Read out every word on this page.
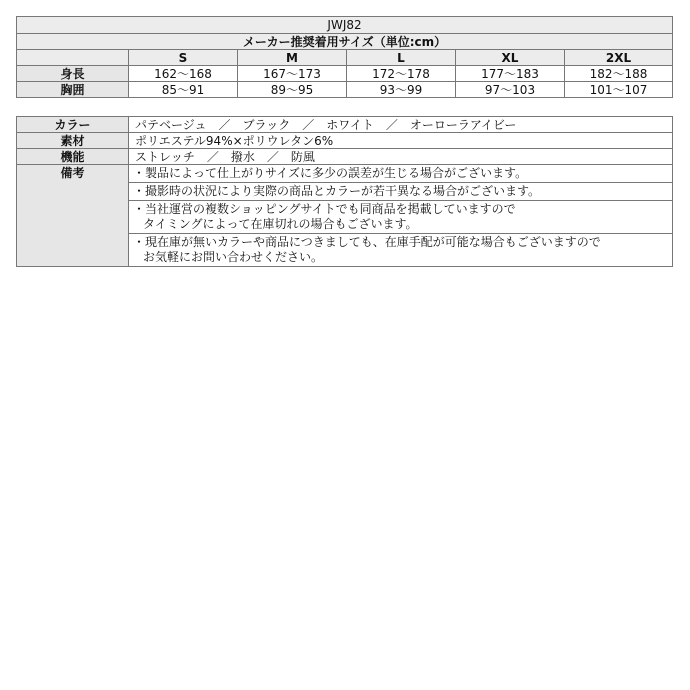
JWJ82					
メーカー推奨着用サイズ（単位:cm）					
	S	M	L	XL	2XL
身長	162〜168	167〜173	172〜178	177〜183	182〜188
胸囲	85〜91	89〜95	93〜99	97〜103	101〜107
カラー	パテベージュ　／　ブラック　／　ホワイト　／　オーローラアイビー
素材	ポリエステル94%×ポリウレタン6%
機能	ストレッチ　／　撥水　／　防風
備考	・製品によって仕上がりサイズに多少の誤差が生じる場合がございます。

	・撮影時の状況により実際の商品とカラーが若干異なる場合がございます。

	・当社運営の複数ショッピングサイトでも同商品を掲載していますので
タイミングによって在庫切れの場合もございます。

	・現在庫が無いカラーや商品につきましても、在庫手配が可能な場合もございますので
お気軽にお問い合わせください。
